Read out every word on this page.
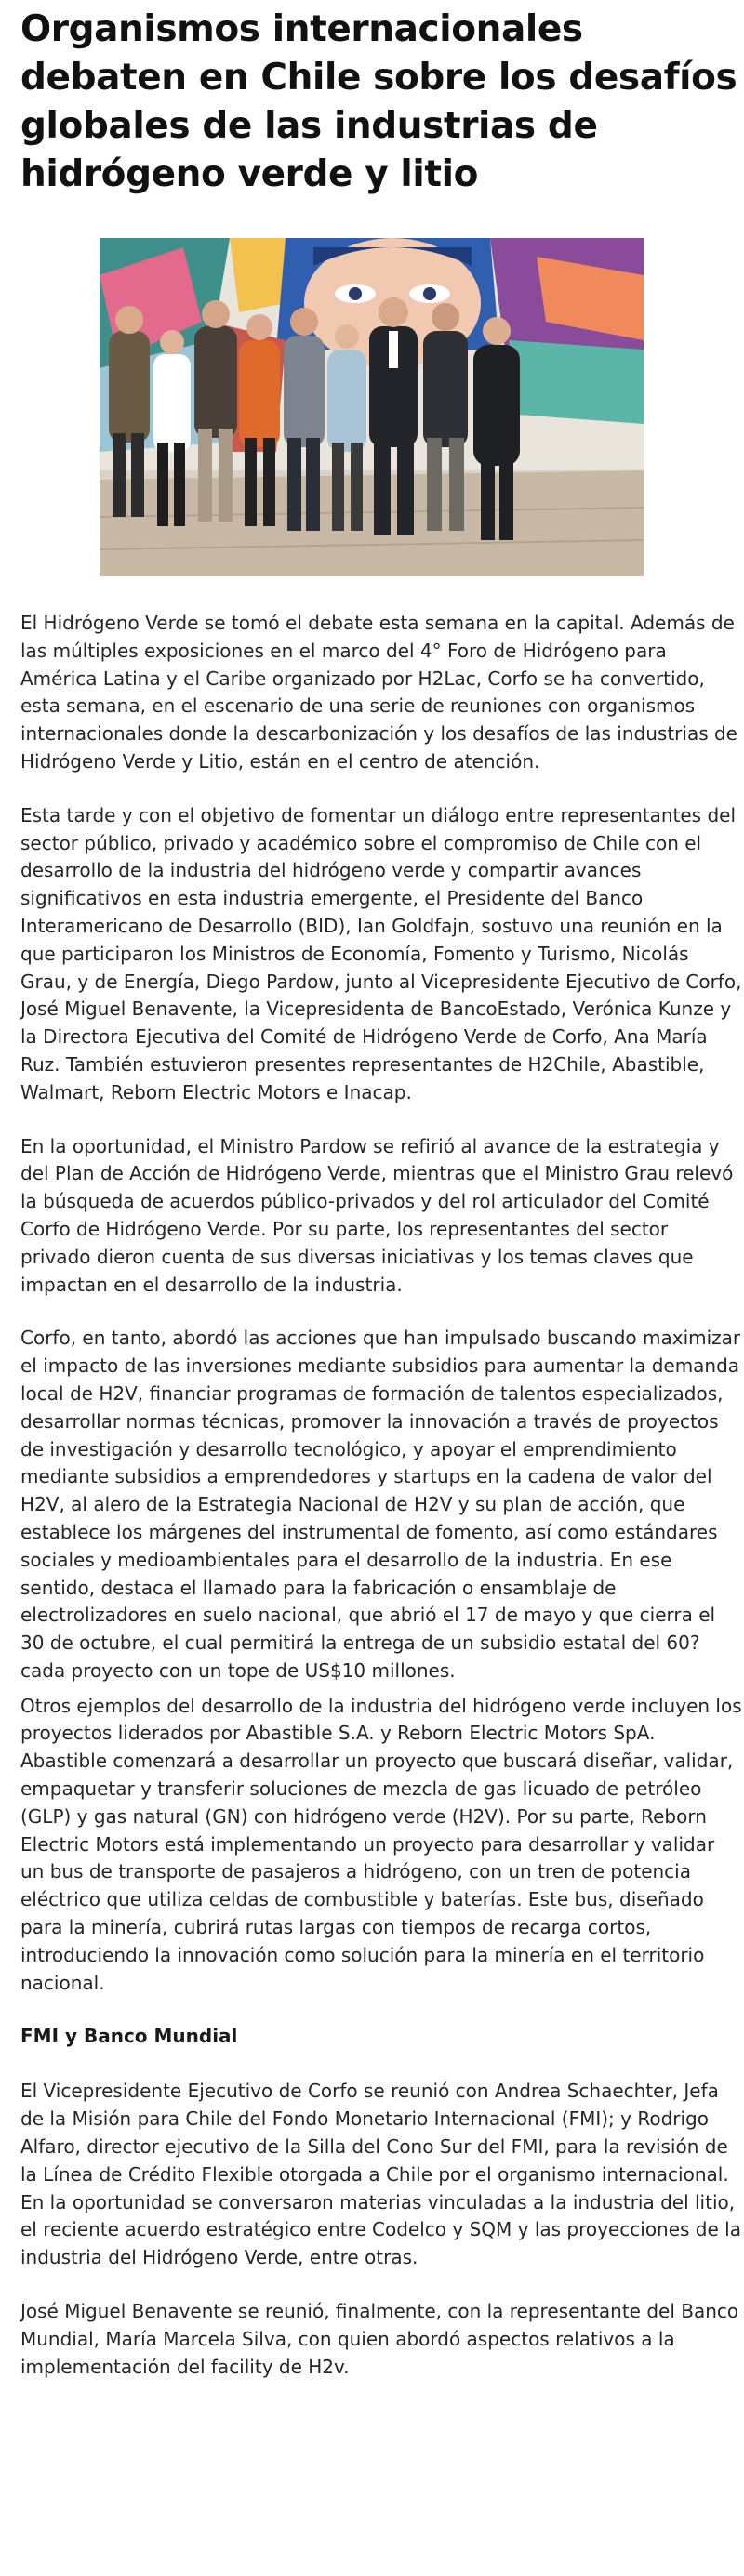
Organismos internacionales debaten en Chile sobre los desafíos globales de las industrias de hidrógeno verde y litio

El Hidrógeno Verde se tomó el debate esta semana en la capital. Además de las múltiples exposiciones en el marco del 4° Foro de Hidrógeno para América Latina y el Caribe organizado por H2Lac, Corfo se ha convertido, esta semana, en el escenario de una serie de reuniones con organismos internacionales donde la descarbonización y los desafíos de las industrias de Hidrógeno Verde y Litio, están en el centro de atención.

Esta tarde y con el objetivo de fomentar un diálogo entre representantes del sector público, privado y académico sobre el compromiso de Chile con el desarrollo de la industria del hidrógeno verde y compartir avances significativos en esta industria emergente, el Presidente del Banco Interamericano de Desarrollo (BID), Ian Goldfajn, sostuvo una reunión en la que participaron los Ministros de Economía, Fomento y Turismo, Nicolás Grau, y de Energía, Diego Pardow, junto al Vicepresidente Ejecutivo de Corfo, José Miguel Benavente, la Vicepresidenta de BancoEstado, Verónica Kunze y la Directora Ejecutiva del Comité de Hidrógeno Verde de Corfo, Ana María Ruz. También estuvieron presentes representantes de H2Chile, Abastible, Walmart, Reborn Electric Motors e Inacap.

En la oportunidad, el Ministro Pardow se refirió al avance de la estrategia y del Plan de Acción de Hidrógeno Verde, mientras que el Ministro Grau relevó la búsqueda de acuerdos público-privados y del rol articulador del Comité Corfo de Hidrógeno Verde. Por su parte, los representantes del sector privado dieron cuenta de sus diversas iniciativas y los temas claves que impactan en el desarrollo de la industria.

Corfo, en tanto, abordó las acciones que han impulsado buscando maximizar el impacto de las inversiones mediante subsidios para aumentar la demanda local de H2V, financiar programas de formación de talentos especializados, desarrollar normas técnicas, promover la innovación a través de proyectos de investigación y desarrollo tecnológico, y apoyar el emprendimiento mediante subsidios a emprendedores y startups en la cadena de valor del H2V, al alero de la Estrategia Nacional de H2V y su plan de acción, que establece los márgenes del instrumental de fomento, así como estándares sociales y medioambientales para el desarrollo de la industria. En ese sentido, destaca el llamado para la fabricación o ensamblaje de electrolizadores en suelo nacional, que abrió el 17 de mayo y que cierra el 30 de octubre, el cual permitirá la entrega de un subsidio estatal del 60?cada proyecto con un tope de US$10 millones.

Otros ejemplos del desarrollo de la industria del hidrógeno verde incluyen los proyectos liderados por Abastible S.A. y Reborn Electric Motors SpA. Abastible comenzará a desarrollar un proyecto que buscará diseñar, validar, empaquetar y transferir soluciones de mezcla de gas licuado de petróleo (GLP) y gas natural (GN) con hidrógeno verde (H2V). Por su parte, Reborn Electric Motors está implementando un proyecto para desarrollar y validar un bus de transporte de pasajeros a hidrógeno, con un tren de potencia eléctrico que utiliza celdas de combustible y baterías. Este bus, diseñado para la minería, cubrirá rutas largas con tiempos de recarga cortos, introduciendo la innovación como solución para la minería en el territorio nacional.

FMI y Banco Mundial

El Vicepresidente Ejecutivo de Corfo se reunió con Andrea Schaechter, Jefa de la Misión para Chile del Fondo Monetario Internacional (FMI); y Rodrigo Alfaro, director ejecutivo de la Silla del Cono Sur del FMI, para la revisión de la Línea de Crédito Flexible otorgada a Chile por el organismo internacional. En la oportunidad se conversaron materias vinculadas a la industria del litio, el reciente acuerdo estratégico entre Codelco y SQM y las proyecciones de la industria del Hidrógeno Verde, entre otras.

José Miguel Benavente se reunió, finalmente, con la representante del Banco Mundial, María Marcela Silva, con quien abordó aspectos relativos a la implementación del facility de H2v.
